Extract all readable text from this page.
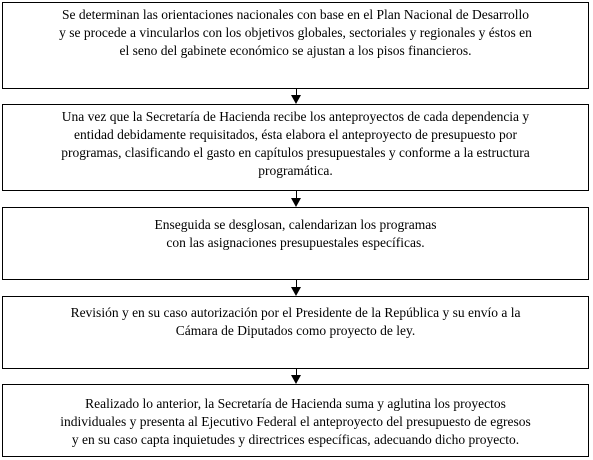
Se determinan las orientaciones nacionales con base en el Plan Nacional de Desarrollo

y se procede a vincularlos con los objetivos globales, sectoriales y regionales y éstos en

el seno del gabinete económico se ajustan a los pisos financieros.

Una vez que la Secretaría de Hacienda recibe los anteproyectos de cada dependencia y

entidad debidamente requisitados, ésta elabora el anteproyecto de presupuesto por

programas, clasificando el gasto en capítulos presupuestales y conforme a la estructura

programática.

Enseguida se desglosan, calendarizan los programas

con las asignaciones presupuestales específicas.

Revisión y en su caso autorización por el Presidente de la República y su envío a la

Cámara de Diputados como proyecto de ley.

Realizado lo anterior, la Secretaría de Hacienda suma y aglutina los proyectos

individuales y presenta al Ejecutivo Federal el anteproyecto del presupuesto de egresos

y en su caso capta inquietudes y directrices específicas, adecuando dicho proyecto.
